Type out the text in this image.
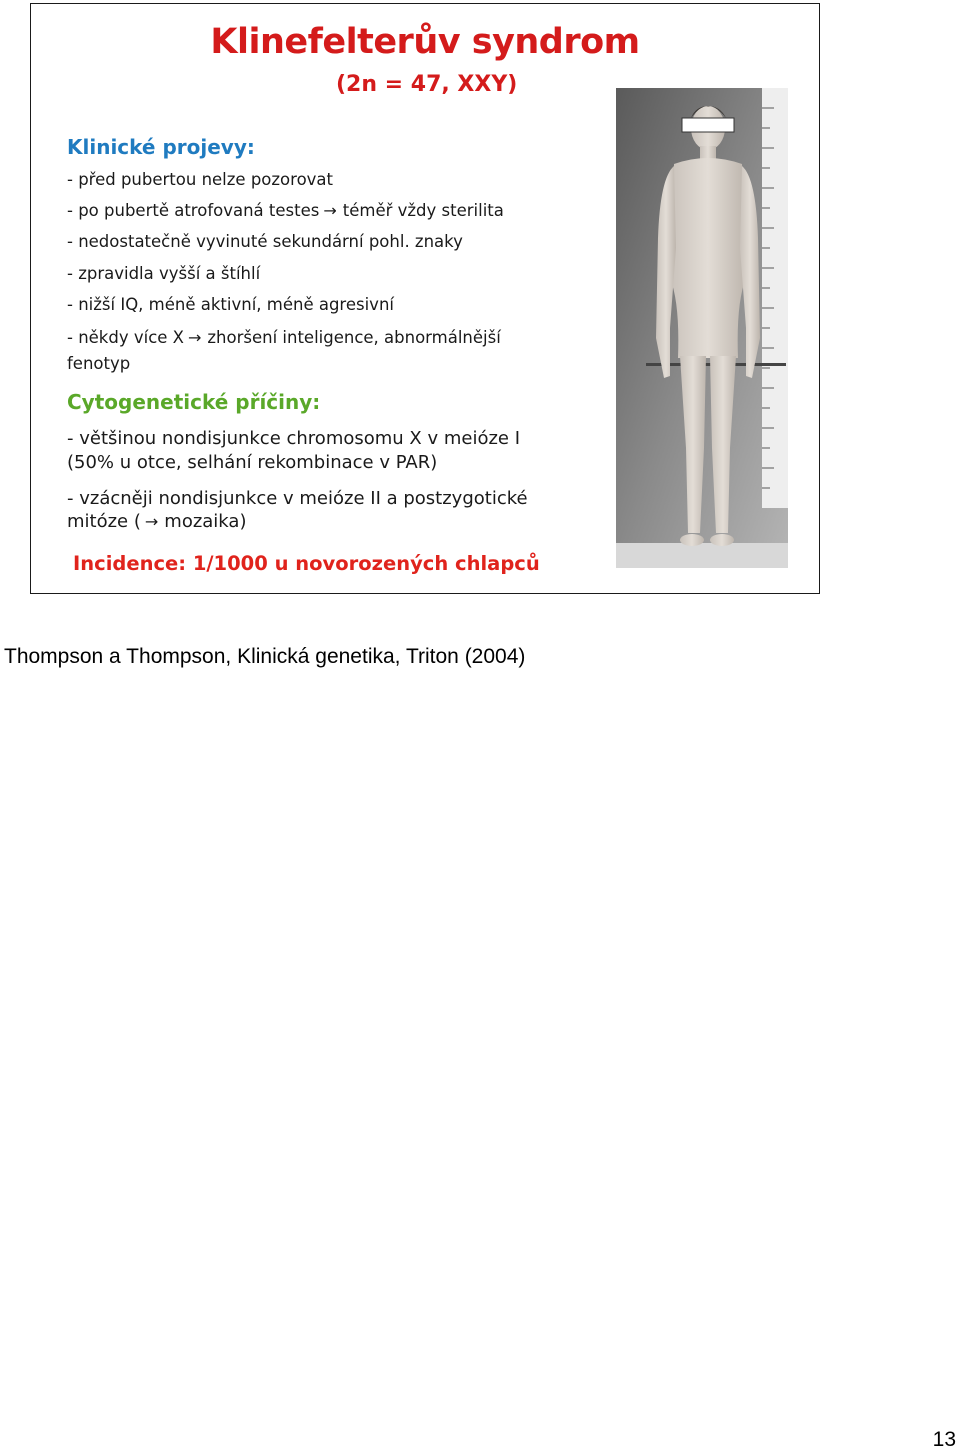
Klinefelterův syndrom
(2n = 47, XXY)
Klinické projevy:
- před pubertou nelze pozorovat
- po pubertě atrofovaná testes → téměř vždy sterilita
- nedostatečně vyvinuté sekundární pohl. znaky
- zpravidla vyšší a štíhlí
- nižší IQ, méně aktivní, méně agresivní
- někdy více X → zhoršení inteligence, abnormálnější
fenotyp
Cytogenetické příčiny:
- většinou nondisjunkce chromosomu X v meióze I
(50% u otce, selhání rekombinace v PAR)
- vzácněji nondisjunkce v meióze II a postzygotické
mitóze ( → mozaika)
Incidence: 1/1000 u novorozených chlapců
Thompson a Thompson, Klinická genetika, Triton (2004)
13
